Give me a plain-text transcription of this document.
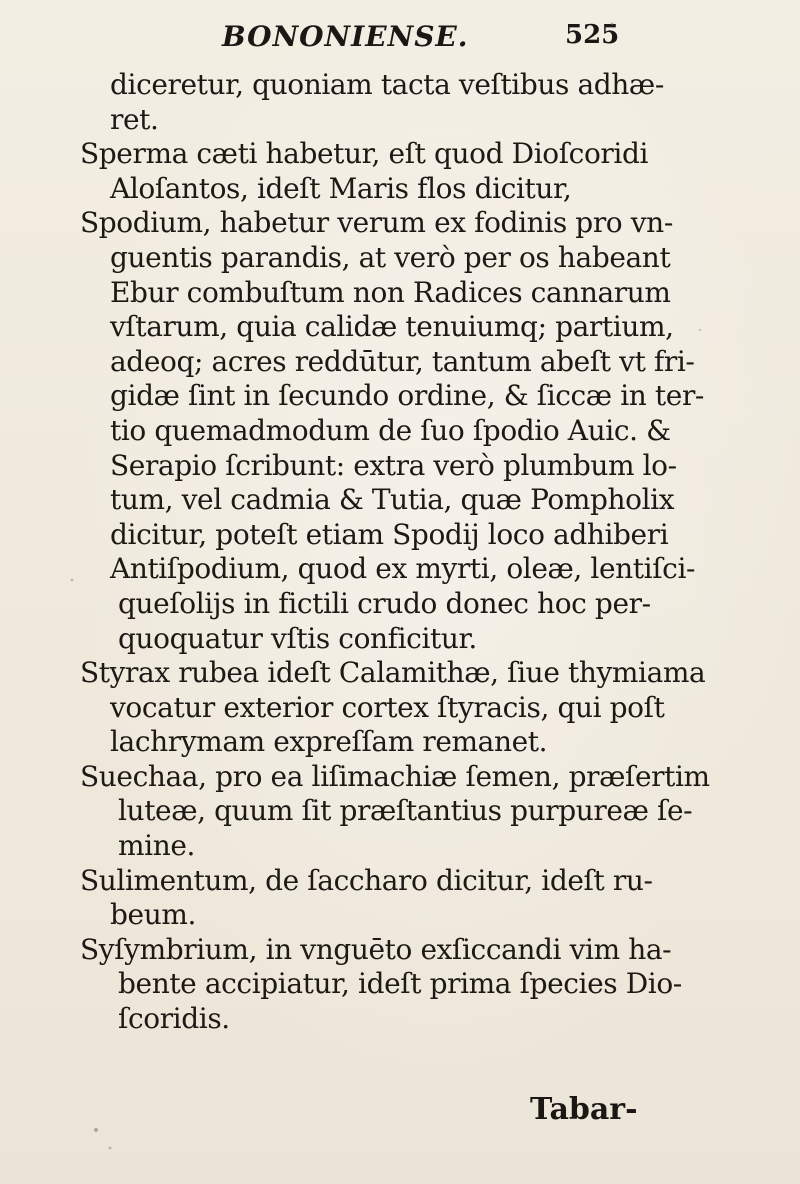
BONONIENSE.	525
diceretur, quoniam tacta veſtibus adhæ-
ret.
Sperma cæti habetur, eſt quod Dioſcoridi
Aloſantos, ideſt Maris flos dicitur,
Spodium, habetur verum ex fodinis pro vn-
guentis parandis, at verò per os habeant
Ebur combuſtum non Radices cannarum
vſtarum, quia calidæ tenuiumq; partium,
adeoq; acres reddūtur, tantum abeſt vt fri-
gidæ ſint in ſecundo ordine, & ſiccæ in ter-
tio quemadmodum de ſuo ſpodio Auic. &
Serapio ſcribunt: extra verò plumbum lo-
tum, vel cadmia & Tutia, quæ Pompholix
dicitur, poteſt etiam Spodij loco adhiberi
Antiſpodium, quod ex myrti, oleæ, lentiſci-
queſolijs in fictili crudo donec hoc per-
quoquatur vſtis conficitur.
Styrax rubea ideſt Calamithæ, ſiue thymiama
vocatur exterior cortex ſtyracis, qui poſt
lachrymam expreſſam remanet.
Suechaa, pro ea liſimachiæ ſemen, præſertim
luteæ, quum ſit præſtantius purpureæ ſe-
mine.
Sulimentum, de ſaccharo dicitur, ideſt ru-
beum.
Syſymbrium, in vnguēto exſiccandi vim ha-
bente accipiatur, ideſt prima ſpecies Dio-
ſcoridis.
Tabar-
